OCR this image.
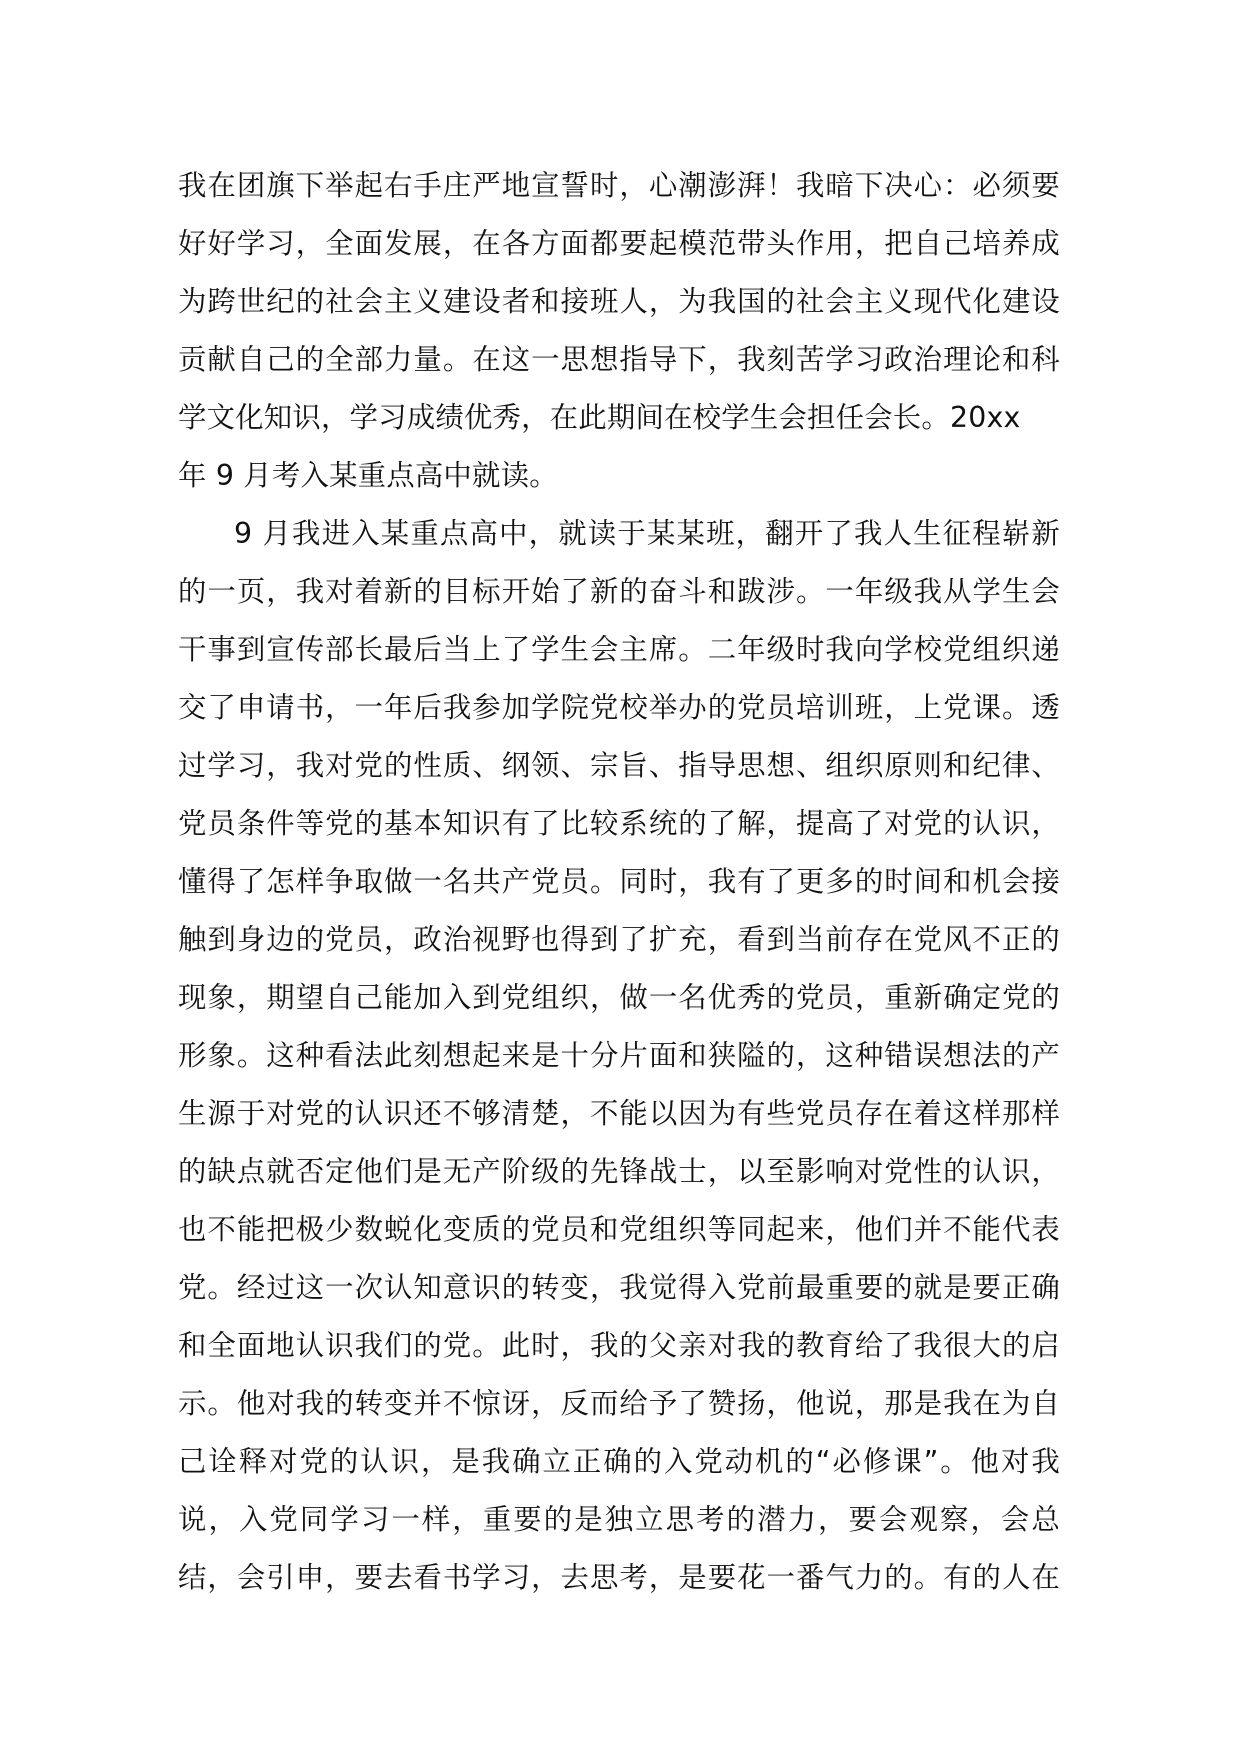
我在团旗下举起右手庄严地宣誓时，心潮澎湃！我暗下决心：必须要
好好学习，全面发展，在各方面都要起模范带头作用，把自己培养成
为跨世纪的社会主义建设者和接班人，为我国的社会主义现代化建设
贡献自己的全部力量。在这一思想指导下，我刻苦学习政治理论和科
学文化知识，学习成绩优秀，在此期间在校学生会担任会长。20xx
年 9 月考入某重点高中就读。
9 月我进入某重点高中，就读于某某班，翻开了我人生征程崭新
的一页，我对着新的目标开始了新的奋斗和跋涉。一年级我从学生会
干事到宣传部长最后当上了学生会主席。二年级时我向学校党组织递
交了申请书，一年后我参加学院党校举办的党员培训班，上党课。透
过学习，我对党的性质、纲领、宗旨、指导思想、组织原则和纪律、
党员条件等党的基本知识有了比较系统的了解，提高了对党的认识，
懂得了怎样争取做一名共产党员。同时，我有了更多的时间和机会接
触到身边的党员，政治视野也得到了扩充，看到当前存在党风不正的
现象，期望自己能加入到党组织，做一名优秀的党员，重新确定党的
形象。这种看法此刻想起来是十分片面和狭隘的，这种错误想法的产
生源于对党的认识还不够清楚，不能以因为有些党员存在着这样那样
的缺点就否定他们是无产阶级的先锋战士，以至影响对党性的认识，
也不能把极少数蜕化变质的党员和党组织等同起来，他们并不能代表
党。经过这一次认知意识的转变，我觉得入党前最重要的就是要正确
和全面地认识我们的党。此时，我的父亲对我的教育给了我很大的启
示。他对我的转变并不惊讶，反而给予了赞扬，他说，那是我在为自
己诠释对党的认识，是我确立正确的入党动机的“必修课”。他对我
说，入党同学习一样，重要的是独立思考的潜力，要会观察，会总
结，会引申，要去看书学习，去思考，是要花一番气力的。有的人在
